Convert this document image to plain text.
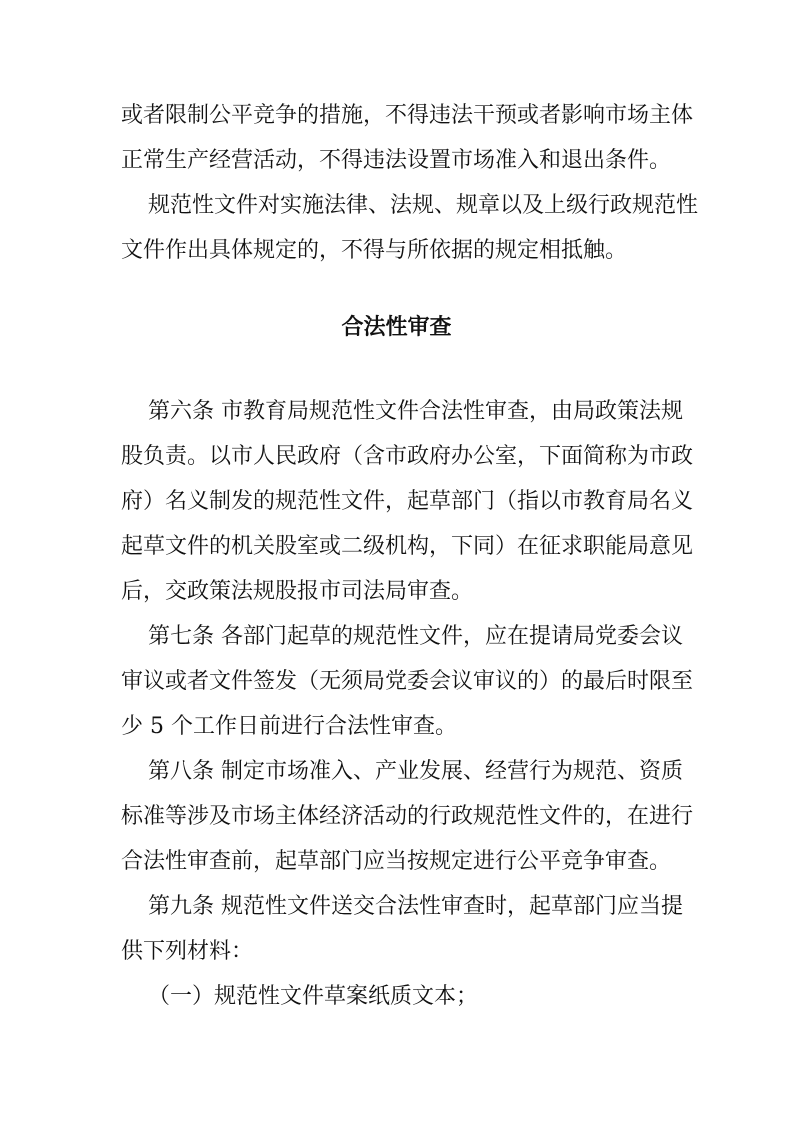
或者限制公平竞争的措施，不得违法干预或者影响市场主体
正常生产经营活动，不得违法设置市场准入和退出条件。
规范性文件对实施法律、法规、规章以及上级行政规范性
文件作出具体规定的，不得与所依据的规定相抵触。
合法性审查
第六条 市教育局规范性文件合法性审查，由局政策法规
股负责。以市人民政府（含市政府办公室，下面简称为市政
府）名义制发的规范性文件，起草部门（指以市教育局名义
起草文件的机关股室或二级机构，下同）在征求职能局意见
后，交政策法规股报市司法局审查。
第七条 各部门起草的规范性文件，应在提请局党委会议
审议或者文件签发（无须局党委会议审议的）的最后时限至
少 5 个工作日前进行合法性审查。
第八条 制定市场准入、产业发展、经营行为规范、资质
标准等涉及市场主体经济活动的行政规范性文件的，在进行
合法性审查前，起草部门应当按规定进行公平竞争审查。
第九条 规范性文件送交合法性审查时，起草部门应当提
供下列材料：
（一）规范性文件草案纸质文本；
